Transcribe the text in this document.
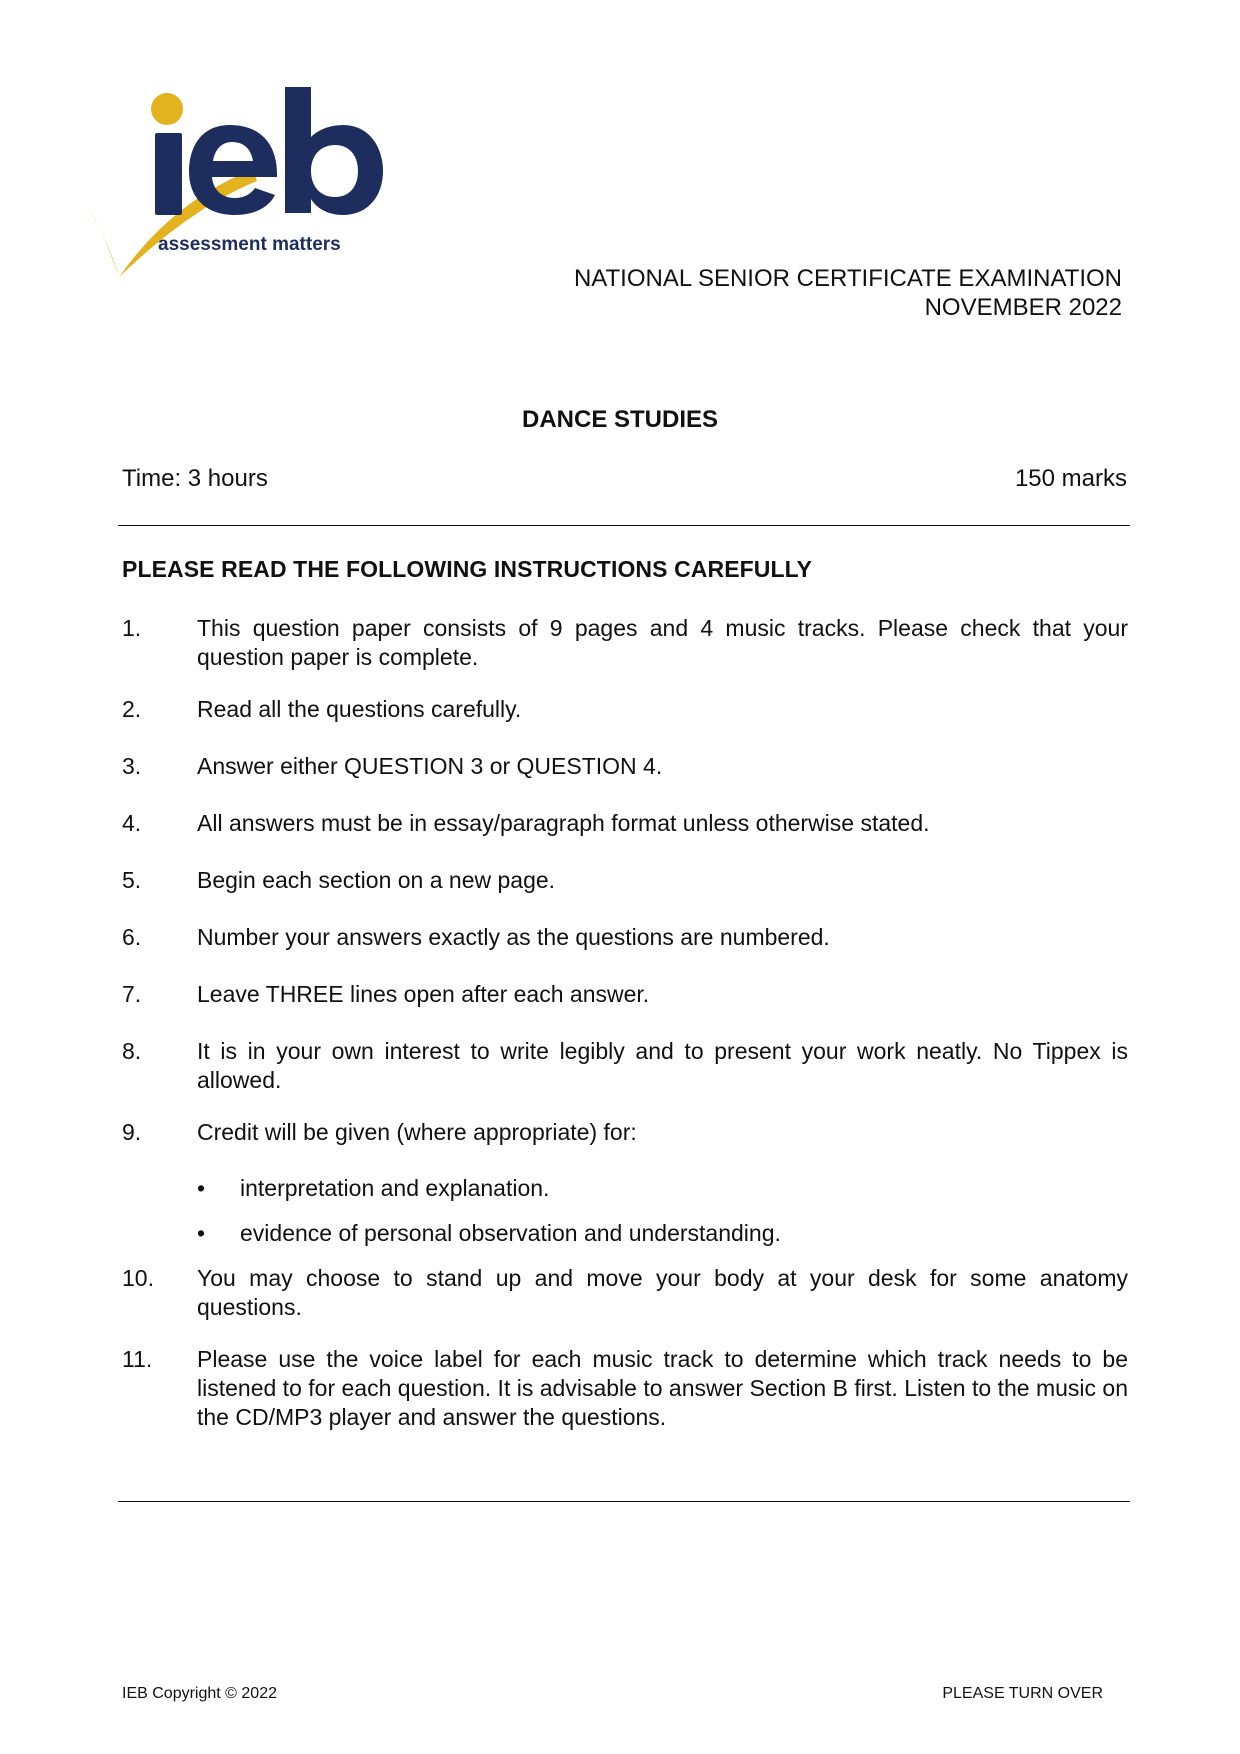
assessment matters
NATIONAL SENIOR CERTIFICATE EXAMINATION
NOVEMBER 2022
DANCE STUDIES
Time: 3 hours	150 marks
PLEASE READ THE FOLLOWING INSTRUCTIONS CAREFULLY
1. This question paper consists of 9 pages and 4 music tracks. Please check that your question paper is complete.
2. Read all the questions carefully.
3. Answer either QUESTION 3 or QUESTION 4.
4. All answers must be in essay/paragraph format unless otherwise stated.
5. Begin each section on a new page.
6. Number your answers exactly as the questions are numbered.
7. Leave THREE lines open after each answer.
8. It is in your own interest to write legibly and to present your work neatly. No Tippex is allowed.
9. Credit will be given (where appropriate) for:
• interpretation and explanation.
• evidence of personal observation and understanding.
10. You may choose to stand up and move your body at your desk for some anatomy questions.
11. Please use the voice label for each music track to determine which track needs to be listened to for each question. It is advisable to answer Section B first. Listen to the music on the CD/MP3 player and answer the questions.
IEB Copyright © 2022	PLEASE TURN OVER
